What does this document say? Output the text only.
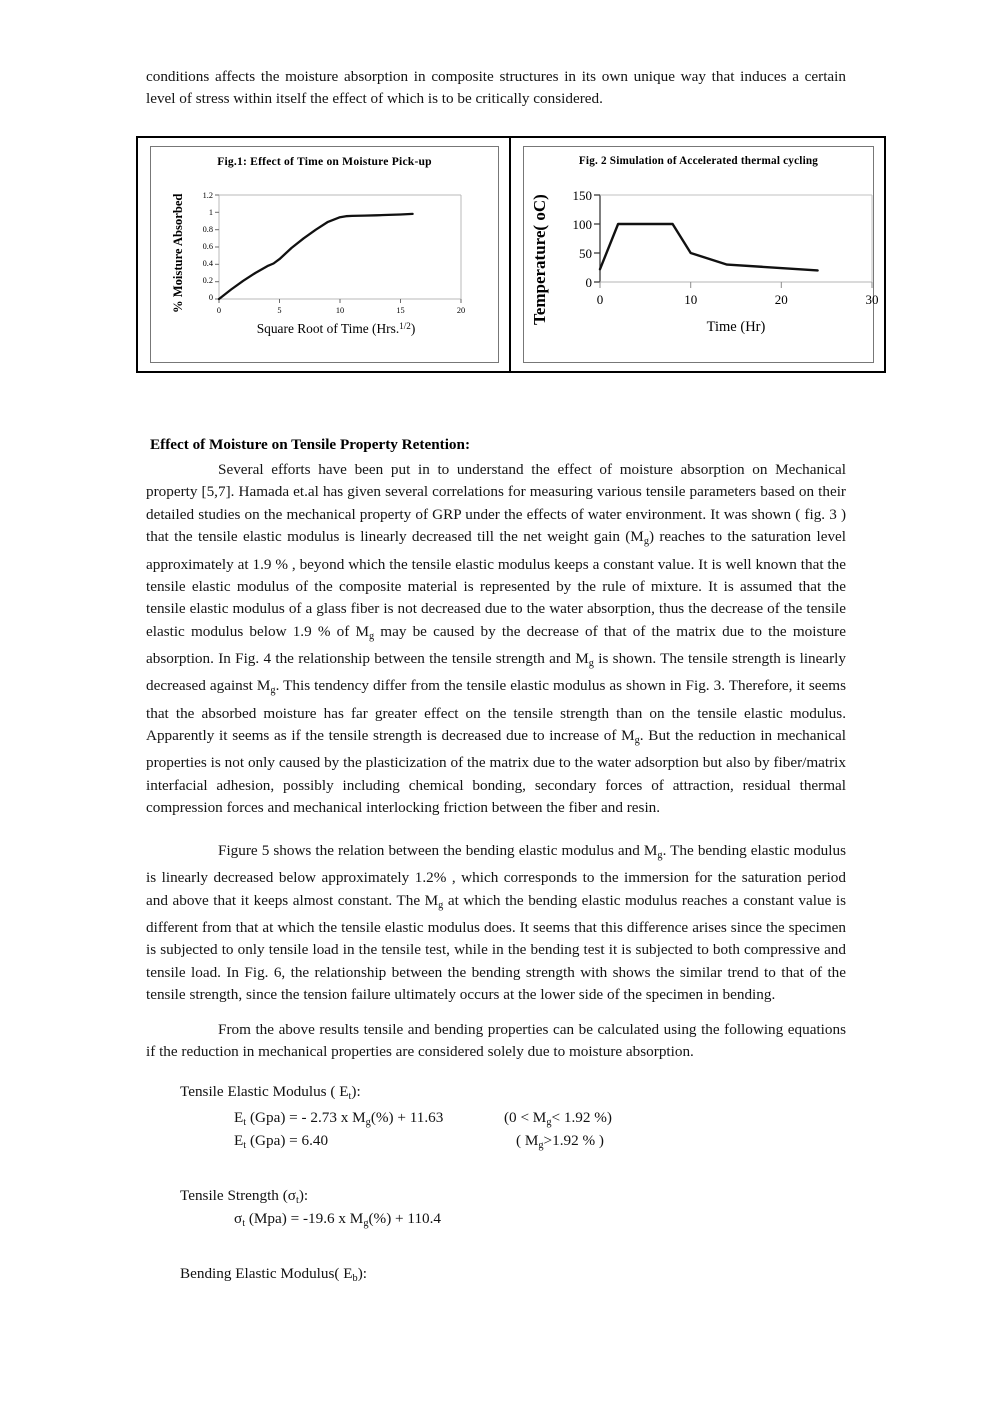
conditions affects the moisture absorption in composite structures in its own unique way that induces a certain level of stress within itself the effect of which is to be critically considered.
Fig.1: Effect of Time on Moisture Pick-up
% Moisture Absorbed	1.2
1
0.8
0.6
0.4
0.2
0
0	5	10	15	20
Square Root of Time (Hrs.$^{1/2}$)
Fig. 2 Simulation of Accelerated thermal cycling
Temperature( oC)	150
100
50
0
0	10	20	30
Time (Hr)
Effect of Moisture on Tensile Property Retention:
Several efforts have been put in to understand the effect of moisture absorption on Mechanical property [5,7]. Hamada et.al has given several correlations for measuring various tensile parameters based on their detailed studies on the mechanical property of GRP under the effects of water environment. It was shown ( fig. 3 ) that the tensile elastic modulus is linearly decreased till the net weight gain $(M_g)$ reaches to the saturation level approximately at 1.9 % , beyond which the tensile elastic modulus keeps a constant value. It is well known that the tensile elastic modulus of the composite material is represented by the rule of mixture. It is assumed that the tensile elastic modulus of a glass fiber is not decreased due to the water absorption, thus the decrease of the tensile elastic modulus below 1.9 % of $M_g$ may be caused by the decrease of that of the matrix due to the moisture absorption. In Fig. 4 the relationship between the tensile strength and $M_g$ is shown. The tensile strength is linearly decreased against $M_g$. This tendency differ from the tensile elastic modulus as shown in Fig. 3. Therefore, it seems that the absorbed moisture has far greater effect on the tensile strength than on the tensile elastic modulus. Apparently it seems as if the tensile strength is decreased due to increase of $M_g$. But the reduction in mechanical properties is not only caused by the plasticization of the matrix due to the water adsorption but also by fiber/matrix interfacial adhesion, possibly including chemical bonding, secondary forces of attraction, residual thermal compression forces and mechanical interlocking friction between the fiber and resin.
Figure 5 shows the relation between the bending elastic modulus and $M_g$. The bending elastic modulus is linearly decreased below approximately 1.2% , which corresponds to the immersion for the saturation period and above that it keeps almost constant. The $M_g$ at which the bending elastic modulus reaches a constant value is different from that at which the tensile elastic modulus does. It seems that this difference arises since the specimen is subjected to only tensile load in the tensile test, while in the bending test it is subjected to both compressive and tensile load. In Fig. 6, the relationship between the bending strength with shows the similar trend to that of the tensile strength, since the tension failure ultimately occurs at the lower side of the specimen in bending.
From the above results tensile and bending properties can be calculated using the following equations if the reduction in mechanical properties are considered solely due to moisture absorption.
Tensile Elastic Modulus ( $E_t$):
$E_t$ (Gpa) = - 2.73 x $M_g(\%) + 11.63$	($0 < M_g< 1.92$ %)
$E_t$ (Gpa) = 6.40	( $M_g>1.92$ % )
Tensile Strength $(\sigma_t)$:
$\sigma_t$ (Mpa) = -19.6 x $M_g(\%) + 110.4$
Bending Elastic Modulus( $E_b$):
